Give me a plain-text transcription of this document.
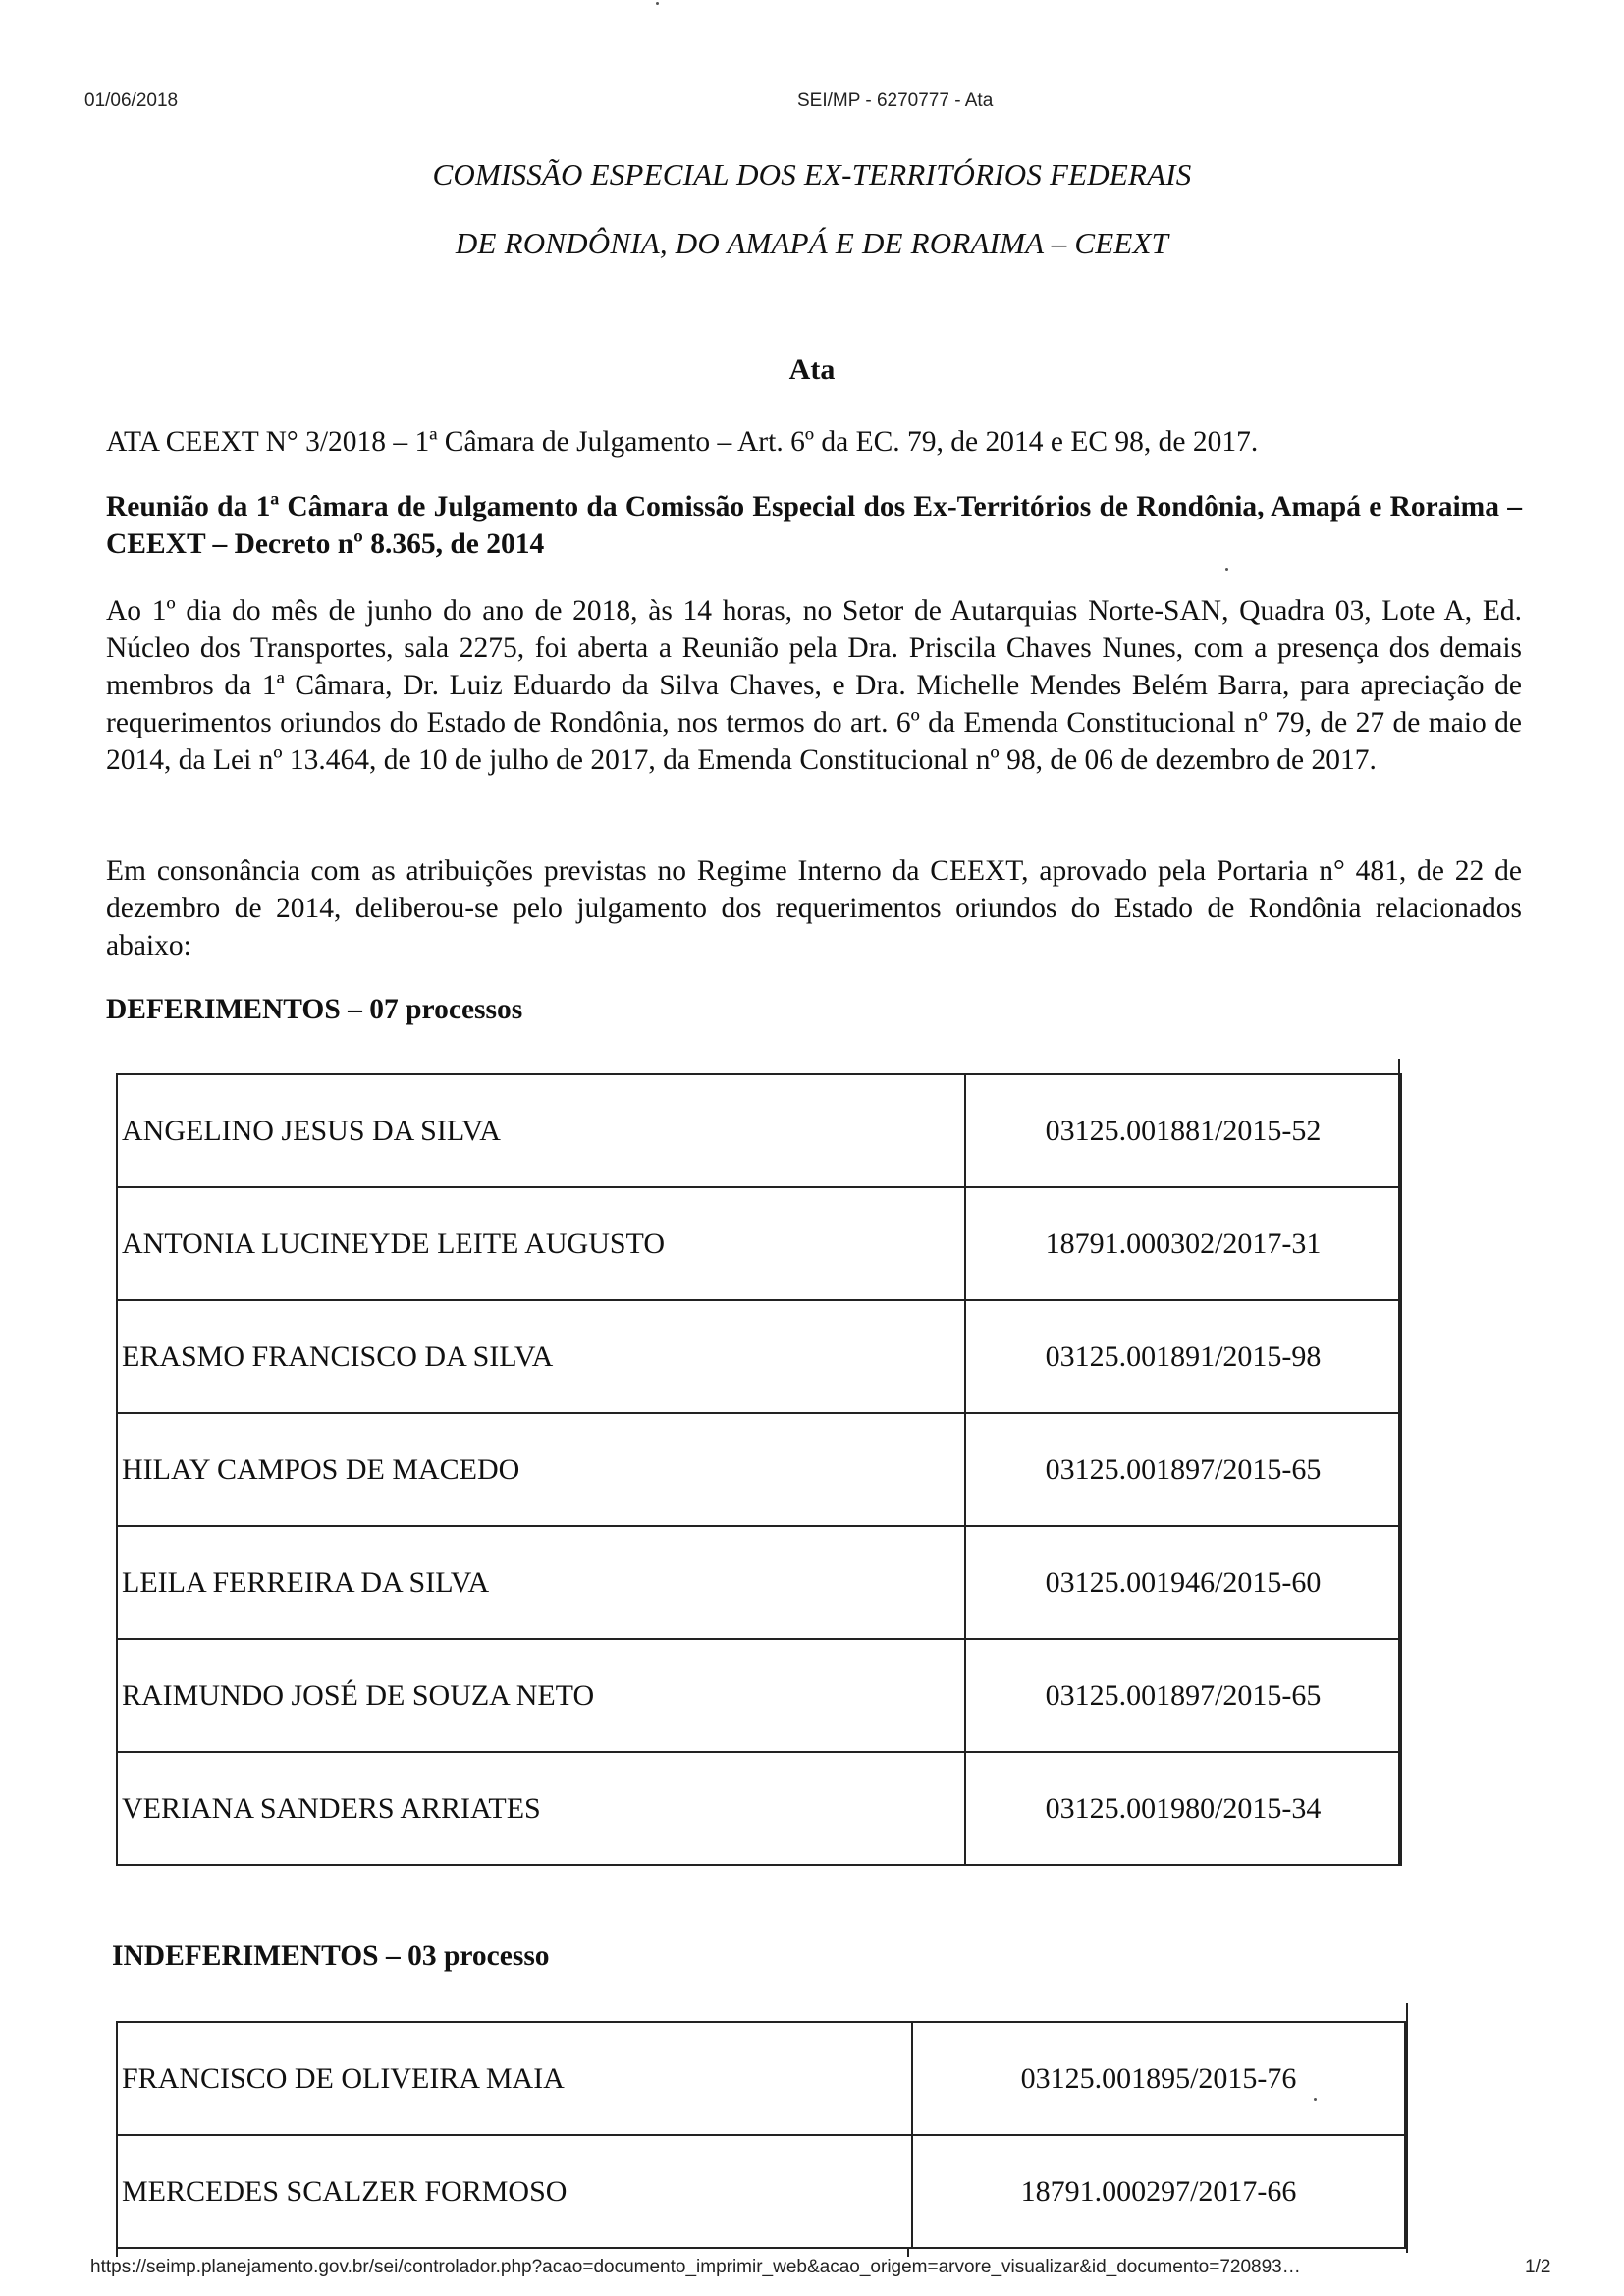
01/06/2018	SEI/MP - 6270777 - Ata
COMISSÃO ESPECIAL DOS EX-TERRITÓRIOS FEDERAIS
DE RONDÔNIA, DO AMAPÁ E DE RORAIMA – CEEXT
Ata
ATA CEEXT N° 3/2018 – 1ª Câmara de Julgamento – Art. 6º da EC. 79, de 2014 e EC 98, de 2017.
Reunião da 1ª Câmara de Julgamento da Comissão Especial dos Ex-Territórios de Rondônia, Amapá e Roraima – CEEXT – Decreto nº 8.365, de 2014
Ao 1º dia do mês de junho do ano de 2018, às 14 horas, no Setor de Autarquias Norte-SAN, Quadra 03, Lote A, Ed. Núcleo dos Transportes, sala 2275, foi aberta a Reunião pela Dra. Priscila Chaves Nunes, com a presença dos demais membros da 1ª Câmara, Dr. Luiz Eduardo da Silva Chaves, e Dra. Michelle Mendes Belém Barra, para apreciação de requerimentos oriundos do Estado de Rondônia, nos termos do art. 6º da Emenda Constitucional nº 79, de 27 de maio de 2014, da Lei nº 13.464, de 10 de julho de 2017, da Emenda Constitucional nº 98, de 06 de dezembro de 2017.
Em consonância com as atribuições previstas no Regime Interno da CEEXT, aprovado pela Portaria n° 481, de 22 de dezembro de 2014, deliberou-se pelo julgamento dos requerimentos oriundos do Estado de Rondônia relacionados abaixo:
DEFERIMENTOS – 07 processos
ANGELINO JESUS DA SILVA	03125.001881/2015-52
ANTONIA LUCINEYDE LEITE AUGUSTO	18791.000302/2017-31
ERASMO FRANCISCO DA SILVA	03125.001891/2015-98
HILAY CAMPOS DE MACEDO	03125.001897/2015-65
LEILA FERREIRA DA SILVA	03125.001946/2015-60
RAIMUNDO JOSÉ DE SOUZA NETO	03125.001897/2015-65
VERIANA SANDERS ARRIATES	03125.001980/2015-34
INDEFERIMENTOS – 03 processo
FRANCISCO DE OLIVEIRA MAIA	03125.001895/2015-76
MERCEDES SCALZER FORMOSO	18791.000297/2017-66
https://seimp.planejamento.gov.br/sei/controlador.php?acao=documento_imprimir_web&acao_origem=arvore_visualizar&id_documento=720893…	1/2
